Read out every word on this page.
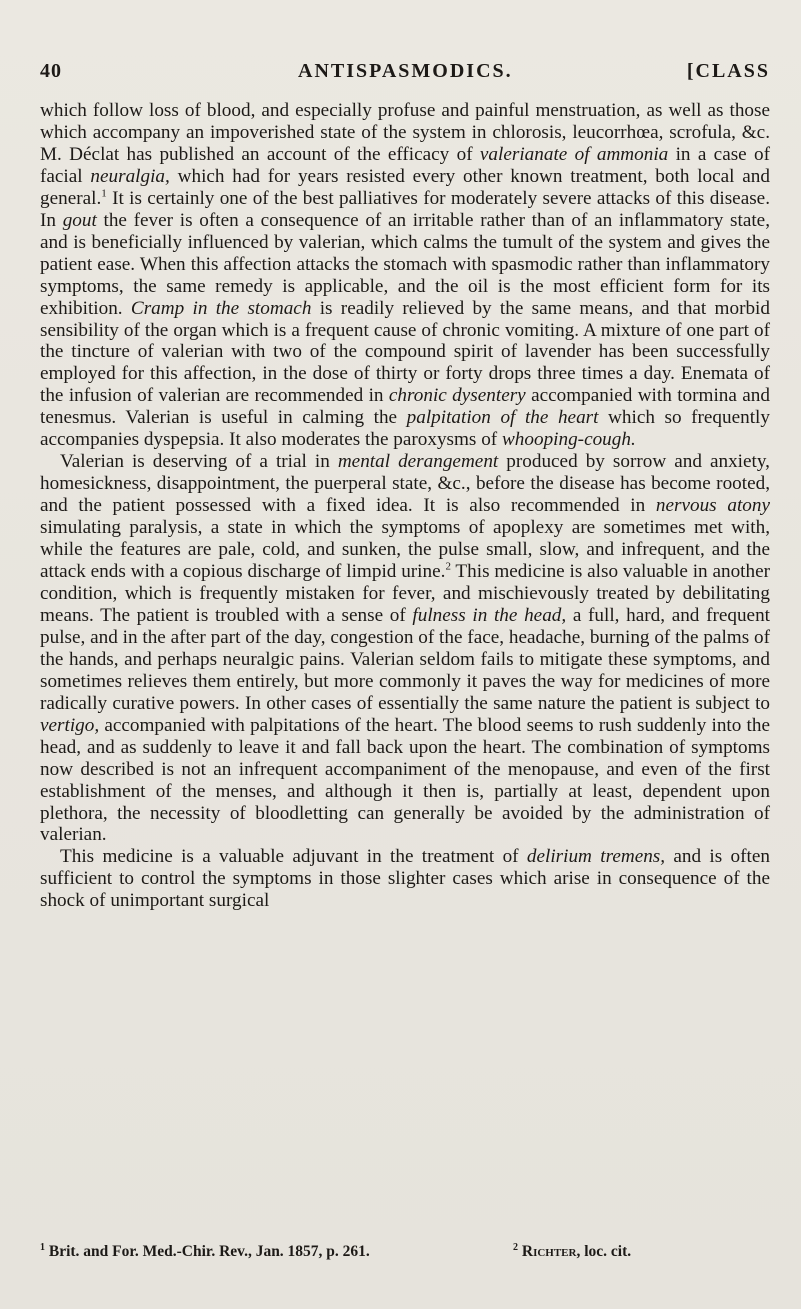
40	ANTISPASMODICS.	[CLASS

which follow loss of blood, and especially profuse and painful menstruation, as well as those which accompany an impoverished state of the system in chlorosis, leucorrhœa, scrofula, &c. M. Déclat has published an account of the efficacy of valerianate of ammonia in a case of facial neuralgia, which had for years resisted every other known treatment, both local and general.$^1$ It is certainly one of the best palliatives for moderately severe attacks of this disease. In gout the fever is often a consequence of an irritable rather than of an inflammatory state, and is beneficially influenced by valerian, which calms the tumult of the system and gives the patient ease. When this affection attacks the stomach with spasmodic rather than inflammatory symptoms, the same remedy is applicable, and the oil is the most efficient form for its exhibition. Cramp in the stomach is readily relieved by the same means, and that morbid sensibility of the organ which is a frequent cause of chronic vomiting. A mixture of one part of the tincture of valerian with two of the compound spirit of lavender has been successfully employed for this affection, in the dose of thirty or forty drops three times a day. Enemata of the infusion of valerian are recommended in chronic dysentery accompanied with tormina and tenesmus. Valerian is useful in calming the palpitation of the heart which so frequently accompanies dyspepsia. It also moderates the paroxysms of whooping-cough.

Valerian is deserving of a trial in mental derangement produced by sorrow and anxiety, homesickness, disappointment, the puerperal state, &c., before the disease has become rooted, and the patient possessed with a fixed idea. It is also recommended in nervous atony simulating paralysis, a state in which the symptoms of apoplexy are sometimes met with, while the features are pale, cold, and sunken, the pulse small, slow, and infrequent, and the attack ends with a copious discharge of limpid urine.$^2$ This medicine is also valuable in another condition, which is frequently mistaken for fever, and mischievously treated by debilitating means. The patient is troubled with a sense of fulness in the head, a full, hard, and frequent pulse, and in the after part of the day, congestion of the face, headache, burning of the palms of the hands, and perhaps neuralgic pains. Valerian seldom fails to mitigate these symptoms, and sometimes relieves them entirely, but more commonly it paves the way for medicines of more radically curative powers. In other cases of essentially the same nature the patient is subject to vertigo, accompanied with palpitations of the heart. The blood seems to rush suddenly into the head, and as suddenly to leave it and fall back upon the heart. The combination of symptoms now described is not an infrequent accompaniment of the menopause, and even of the first establishment of the menses, and although it then is, partially at least, dependent upon plethora, the necessity of bloodletting can generally be avoided by the administration of valerian.

This medicine is a valuable adjuvant in the treatment of delirium tremens, and is often sufficient to control the symptoms in those slighter cases which arise in consequence of the shock of unimportant surgical

$^1$ Brit. and For. Med.-Chir. Rev., Jan. 1857, p. 261.	$^2$ Richter, loc. cit.
